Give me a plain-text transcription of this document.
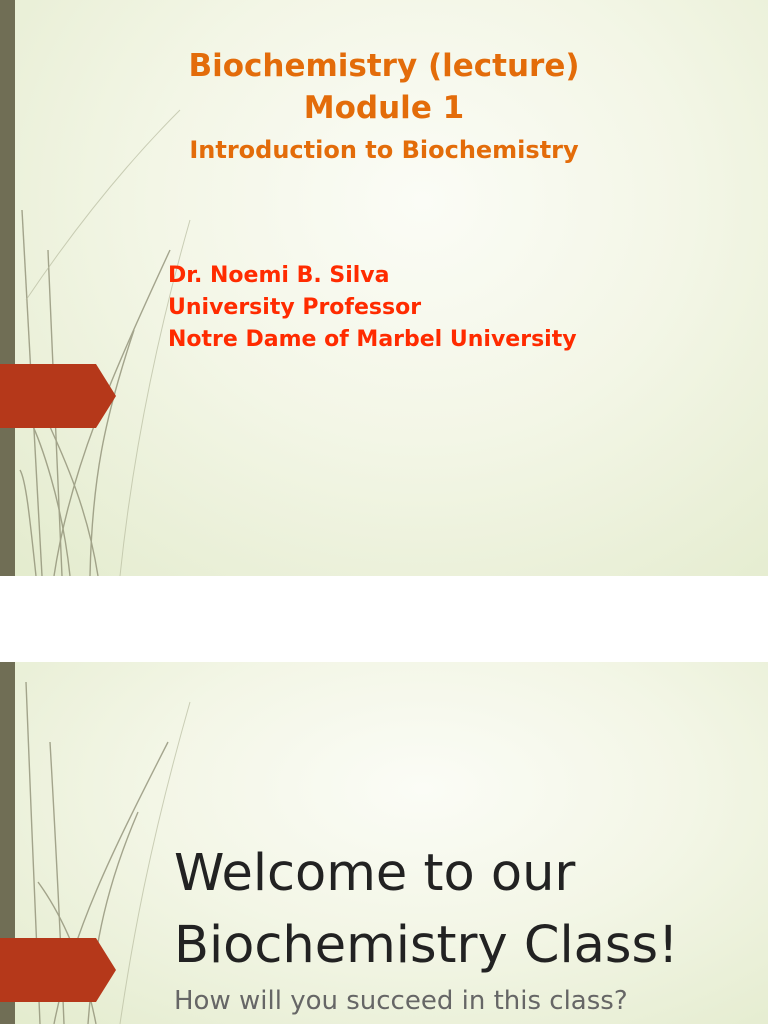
Biochemistry (lecture)
Module 1
Introduction to Biochemistry
Dr. Noemi B. Silva
University Professor
Notre Dame of Marbel University
Welcome to our
Biochemistry Class!
How will you succeed in this class?
